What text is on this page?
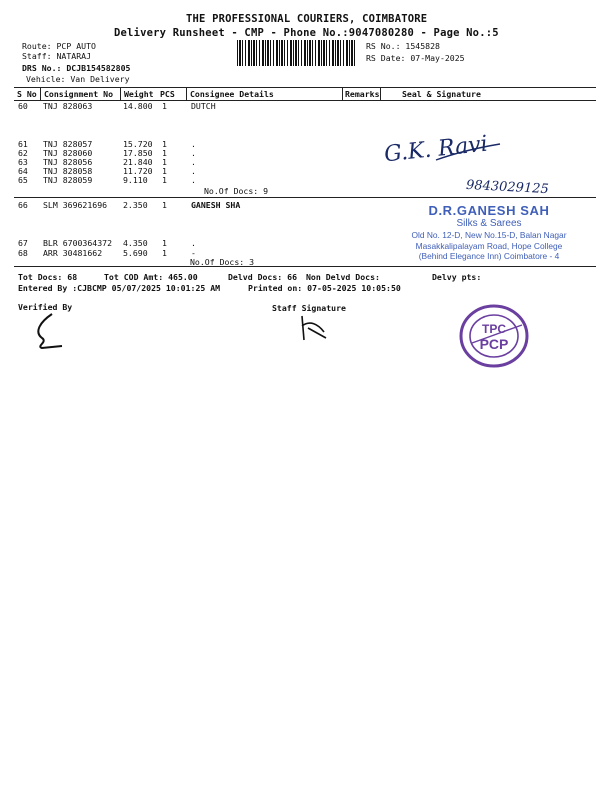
THE PROFESSIONAL COURIERS, COIMBATORE
Delivery Runsheet - CMP - Phone No.:9047080280 - Page No.:5
Route: PCP AUTO
Staff: NATARAJ
DRS No.: DCJB154582805
Vehicle: Van Delivery
RS No.: 1545828
RS Date: 07-May-2025
S No Consignment No Weight PCS Consignee Details	Remarks	Seal & Signature
60 TNJ 828063	14.800 1	DUTCH
61 TNJ 828057	15.720 1	.
62 TNJ 828060	17.850 1	.
63 TNJ 828056	21.840 1	.
64 TNJ 828058	11.720 1	.
65 TNJ 828059	9.110 1	.
No.Of Docs: 9
66 SLM 369621696 2.350 1	GANESH SHA
67 BLR 6700364372 4.350 1	.
68 ARR 30481662	5.690 1	-
No.Of Docs: 3
G.K. Ravi
9843029125
D.R.GANESH SAH
Silks & Sarees
Old No. 12-D, New No.15-D, Balan Nagar
Masakkalipalayam Road, Hope College
(Behind Elegance Inn) Coimbatore - 4
Tot Docs: 68	Tot COD Amt: 465.00	Delvd Docs: 66 Non Delvd Docs:	Delvy pts:
Entered By :CJBCMP 05/07/2025 10:01:25 AM	Printed on: 07-05-2025 10:05:50
Verified By	Staff Signature
TPC
PCP
